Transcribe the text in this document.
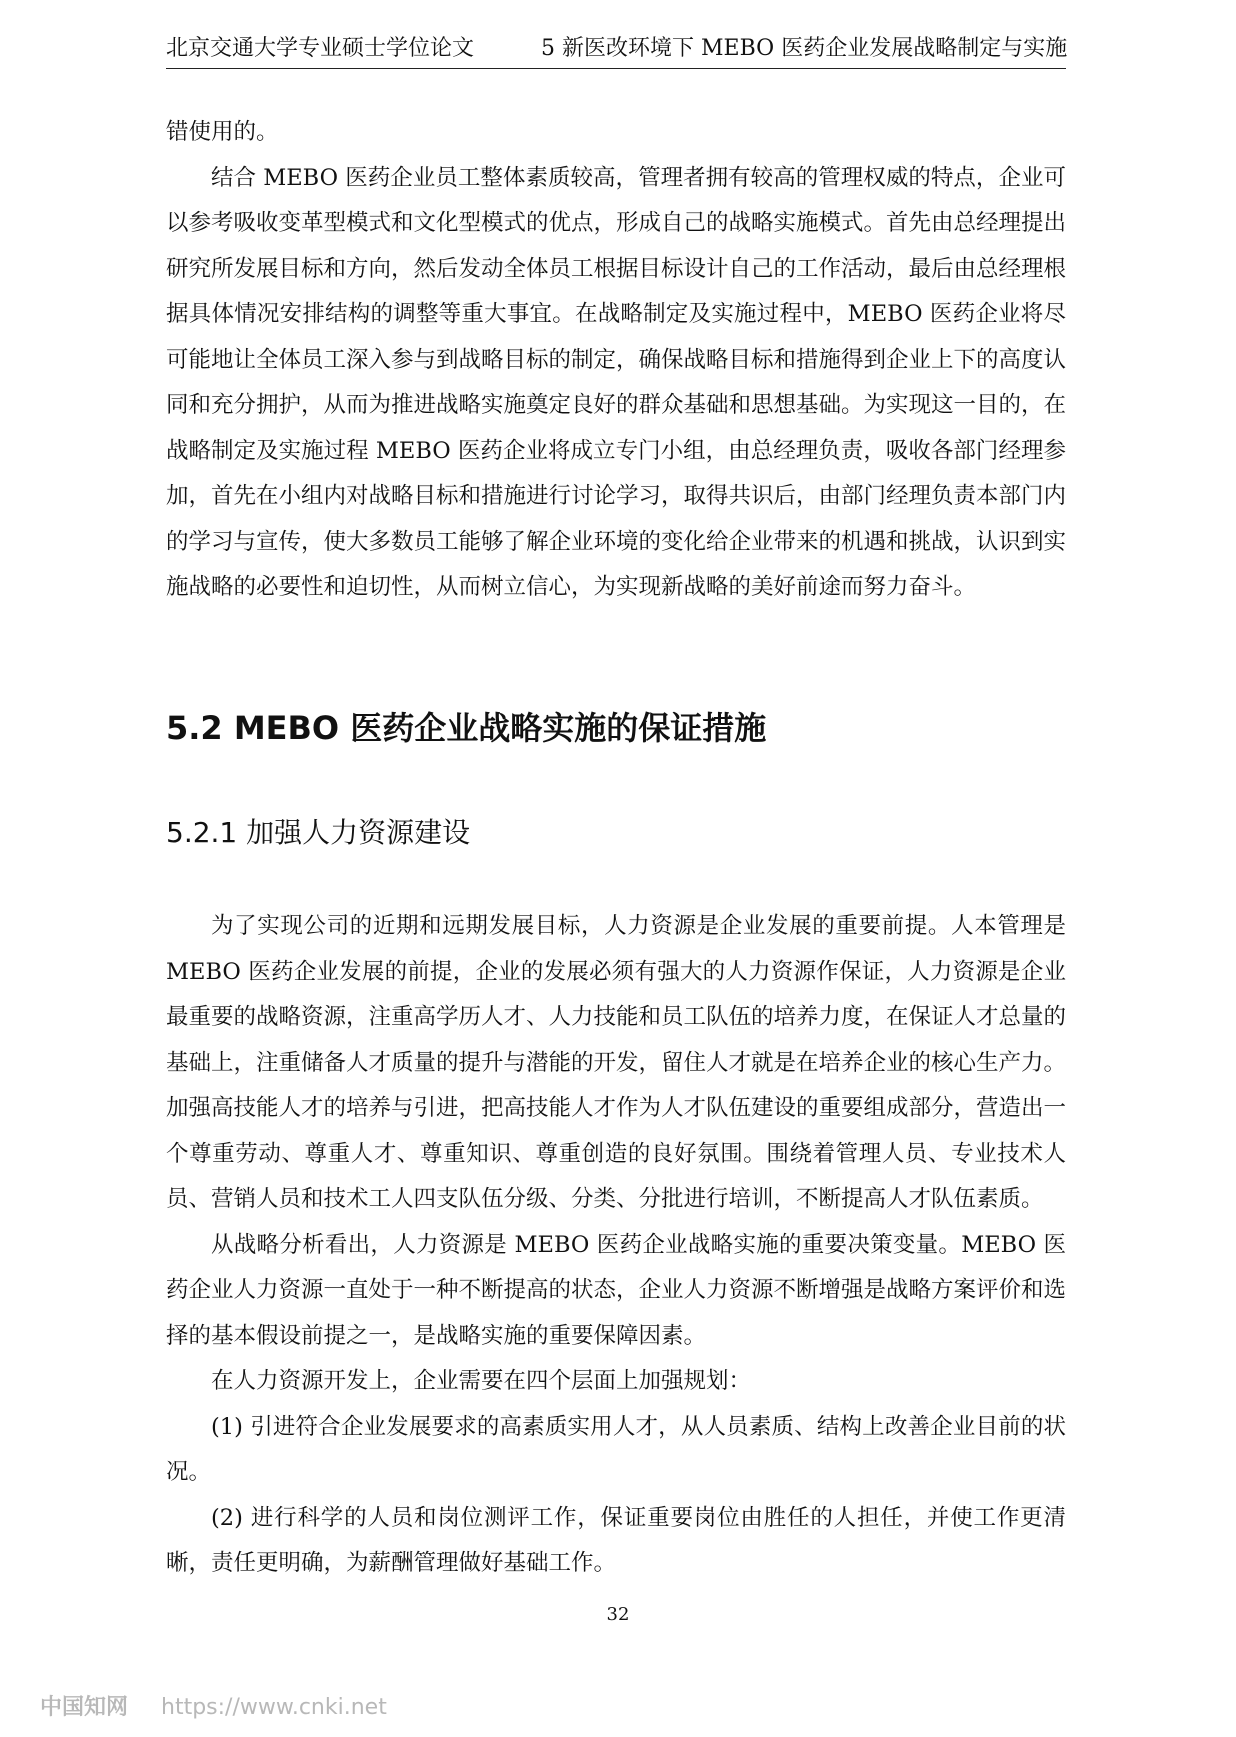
北京交通大学专业硕士学位论文	5 新医改环境下 MEBO 医药企业发展战略制定与实施

错使用的。

结合 MEBO 医药企业员工整体素质较高，管理者拥有较高的管理权威的特点，企业可以参考吸收变革型模式和文化型模式的优点，形成自己的战略实施模式。首先由总经理提出研究所发展目标和方向，然后发动全体员工根据目标设计自己的工作活动，最后由总经理根据具体情况安排结构的调整等重大事宜。在战略制定及实施过程中，MEBO 医药企业将尽可能地让全体员工深入参与到战略目标的制定，确保战略目标和措施得到企业上下的高度认同和充分拥护，从而为推进战略实施奠定良好的群众基础和思想基础。为实现这一目的，在战略制定及实施过程 MEBO 医药企业将成立专门小组，由总经理负责，吸收各部门经理参加，首先在小组内对战略目标和措施进行讨论学习，取得共识后，由部门经理负责本部门内的学习与宣传，使大多数员工能够了解企业环境的变化给企业带来的机遇和挑战，认识到实施战略的必要性和迫切性，从而树立信心，为实现新战略的美好前途而努力奋斗。

5.2 MEBO 医药企业战略实施的保证措施
5.2.1 加强人力资源建设

为了实现公司的近期和远期发展目标，人力资源是企业发展的重要前提。人本管理是 MEBO 医药企业发展的前提，企业的发展必须有强大的人力资源作保证，人力资源是企业最重要的战略资源，注重高学历人才、人力技能和员工队伍的培养力度，在保证人才总量的基础上，注重储备人才质量的提升与潜能的开发，留住人才就是在培养企业的核心生产力。加强高技能人才的培养与引进，把高技能人才作为人才队伍建设的重要组成部分，营造出一个尊重劳动、尊重人才、尊重知识、尊重创造的良好氛围。围绕着管理人员、专业技术人员、营销人员和技术工人四支队伍分级、分类、分批进行培训，不断提高人才队伍素质。

从战略分析看出，人力资源是 MEBO 医药企业战略实施的重要决策变量。MEBO 医药企业人力资源一直处于一种不断提高的状态，企业人力资源不断增强是战略方案评价和选择的基本假设前提之一，是战略实施的重要保障因素。

在人力资源开发上，企业需要在四个层面上加强规划：

(1) 引进符合企业发展要求的高素质实用人才，从人员素质、结构上改善企业目前的状况。

(2) 进行科学的人员和岗位测评工作，保证重要岗位由胜任的人担任，并使工作更清晰，责任更明确，为薪酬管理做好基础工作。

32
中国知网 https://www.cnki.net
